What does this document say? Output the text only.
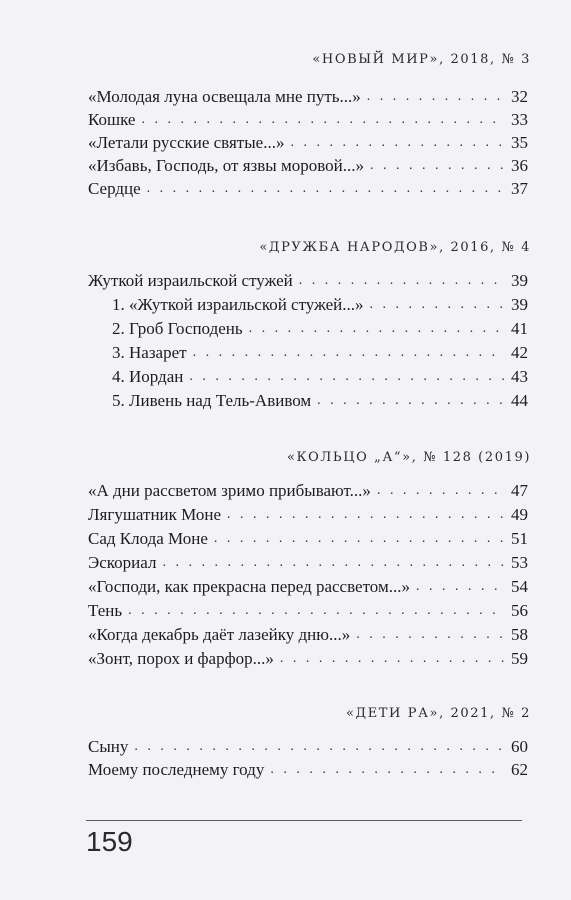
«НОВЫЙ МИР», 2018, № 3
«Молодая луна освещала мне путь...» . . .	32
Кошке . . .	33
«Летали русские святые...» . . .	35
«Избавь, Господь, от язвы моровой...» . . .	36
Сердце . . .	37
«ДРУЖБА НАРОДОВ», 2016, № 4
Жуткой израильской стужей . . .	39
1. «Жуткой израильской стужей...» . . .	39
2. Гроб Господень . . .	41
3. Назарет . . .	42
4. Иордан . . .	43
5. Ливень над Тель-Авивом . . .	44
«КОЛЬЦО „А“», № 128 (2019)
«А дни рассветом зримо прибывают...» . . .	47
Лягушатник Моне . . .	49
Сад Клода Моне . . .	51
Эскориал . . .	53
«Господи, как прекрасна перед рассветом...» . . .	54
Тень . . .	56
«Когда декабрь даёт лазейку дню...» . . .	58
«Зонт, порох и фарфор...» . . .	59
«ДЕТИ РА», 2021, № 2
Сыну . . .	60
Моему последнему году . . .	62
159
